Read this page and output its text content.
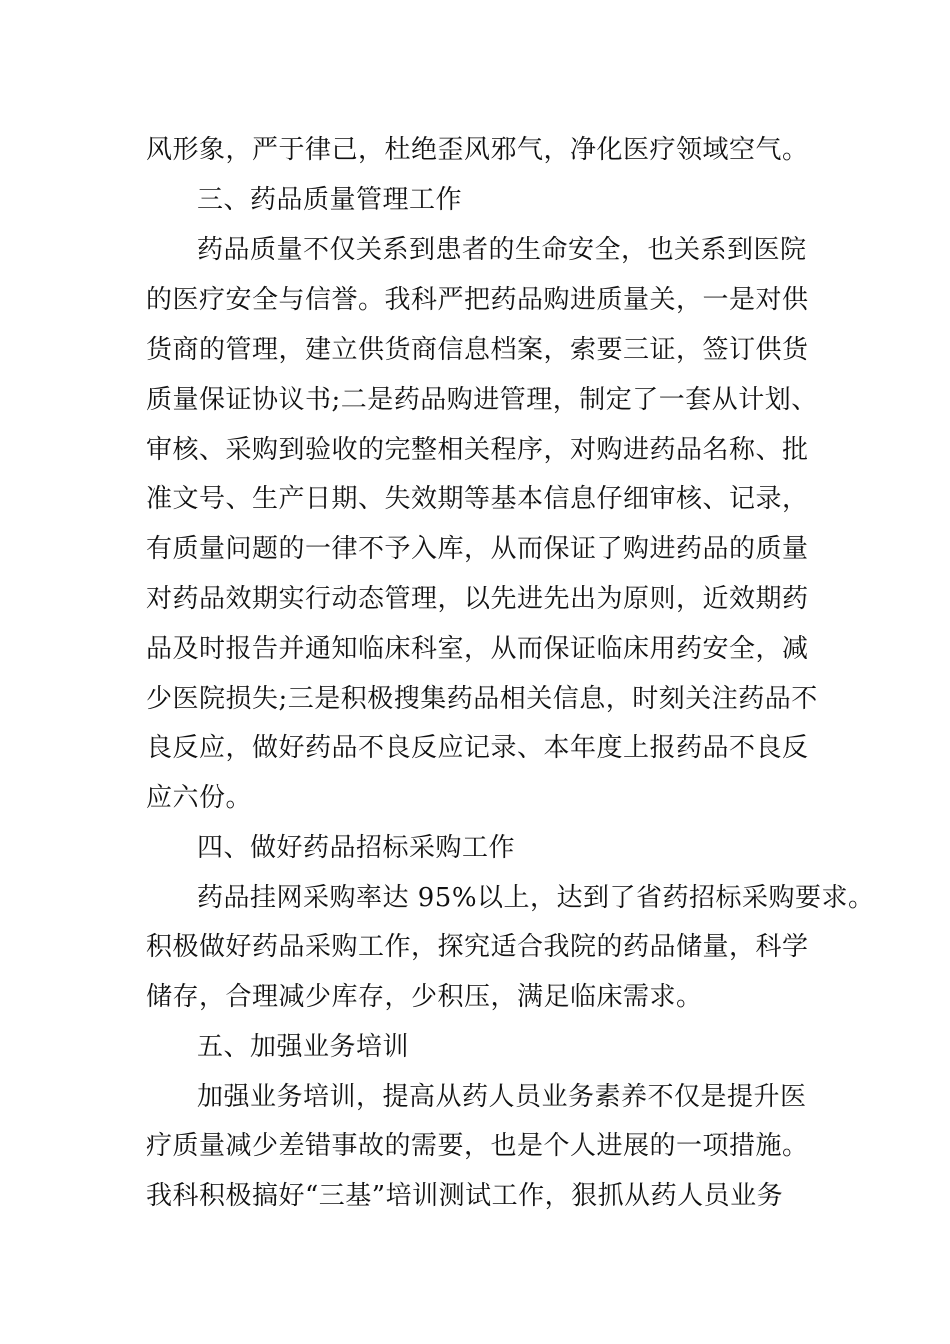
风形象，严于律己，杜绝歪风邪气，净化医疗领域空气。
三、药品质量管理工作
药品质量不仅关系到患者的生命安全，也关系到医院
的医疗安全与信誉。我科严把药品购进质量关，一是对供
货商的管理，建立供货商信息档案，索要三证，签订供货
质量保证协议书;二是药品购进管理，制定了一套从计划、
审核、采购到验收的完整相关程序，对购进药品名称、批
准文号、生产日期、失效期等基本信息仔细审核、记录，
有质量问题的一律不予入库，从而保证了购进药品的质量
对药品效期实行动态管理，以先进先出为原则，近效期药
品及时报告并通知临床科室，从而保证临床用药安全，减
少医院损失;三是积极搜集药品相关信息，时刻关注药品不
良反应，做好药品不良反应记录、本年度上报药品不良反
应六份。
四、做好药品招标采购工作
药品挂网采购率达 95%以上，达到了省药招标采购要求。
积极做好药品采购工作，探究适合我院的药品储量，科学
储存，合理减少库存，少积压，满足临床需求。
五、加强业务培训
加强业务培训，提高从药人员业务素养不仅是提升医
疗质量减少差错事故的需要，也是个人进展的一项措施。
我科积极搞好“三基”培训测试工作，狠抓从药人员业务
